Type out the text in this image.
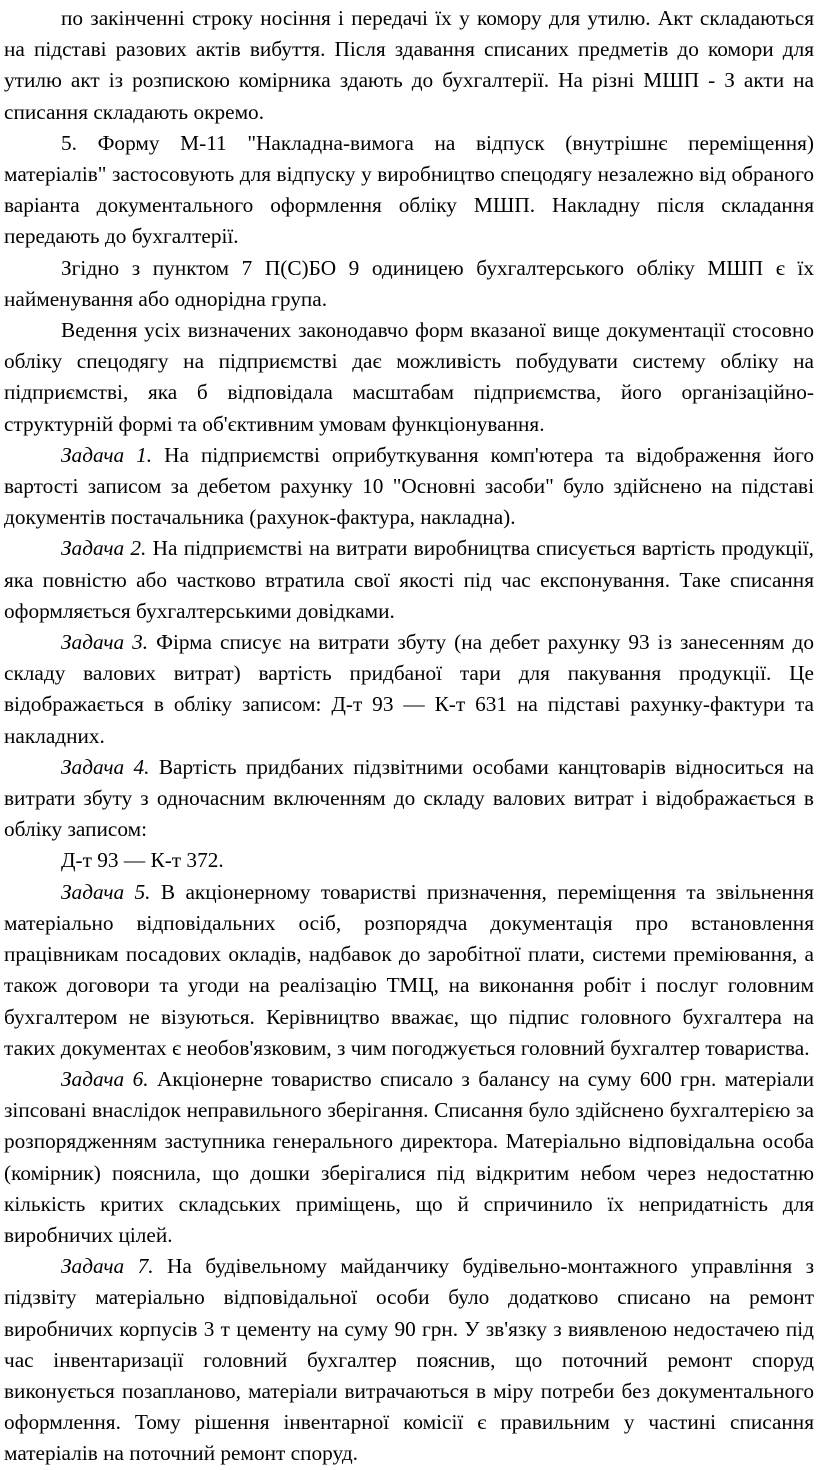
по закінченні строку носіння і передачі їх у комору для утилю. Акт складаються на підставі разових актів вибуття. Після здавання списаних предметів до комори для утилю акт із розпискою комірника здають до бухгалтерії. На різні МШП - З акти на списання складають окремо.

5. Форму М-11 "Накладна-вимога на відпуск (внутрішнє переміщення) матеріалів" застосовують для відпуску у виробництво спецодягу незалежно від обраного варіанта документального оформлення обліку МШП. Накладну після складання передають до бухгалтерії.

Згідно з пунктом 7 П(С)БО 9 одиницею бухгалтерського обліку МШП є їх найменування або однорідна група.

Ведення усіх визначених законодавчо форм вказаної вище документації стосовно обліку спецодягу на підприємстві дає можливість побудувати систему обліку на підприємстві, яка б відповідала масштабам підприємства, його організаційно-структурній формі та об'єктивним умовам функціонування.

Задача 1. На підприємстві оприбуткування комп'ютера та відображення його вартості записом за дебетом рахунку 10 "Основні засоби" було здійснено на підставі документів постачальника (рахунок-фактура, накладна).

Задача 2. На підприємстві на витрати виробництва списується вартість продукції, яка повністю або частково втратила свої якості під час експонування. Таке списання оформляється бухгалтерськими довідками.

Задача 3. Фірма списує на витрати збуту (на дебет рахунку 93 із занесенням до складу валових витрат) вартість придбаної тари для пакування продукції. Це відображається в обліку записом: Д-т 93 — К-т 631 на підставі рахунку-фактури та накладних.

Задача 4. Вартість придбаних підзвітними особами канцтоварів відноситься на витрати збуту з одночасним включенням до складу валових витрат і відображається в обліку записом:

Д-т 93 — К-т 372.

Задача 5. В акціонерному товаристві призначення, переміщення та звільнення матеріально відповідальних осіб, розпорядча документація про встановлення працівникам посадових окладів, надбавок до заробітної плати, системи преміювання, а також договори та угоди на реалізацію ТМЦ, на виконання робіт і послуг головним бухгалтером не візуються. Керівництво вважає, що підпис головного бухгалтера на таких документах є необов'язковим, з чим погоджується головний бухгалтер товариства.

Задача 6. Акціонерне товариство списало з балансу на суму 600 грн. матеріали зіпсовані внаслідок неправильного зберігання. Списання було здійснено бухгалтерією за розпорядженням заступника генерального директора. Матеріально відповідальна особа (комірник) пояснила, що дошки зберігалися під відкритим небом через недостатню кількість критих складських приміщень, що й спричинило їх непридатність для виробничих цілей.

Задача 7. На будівельному майданчику будівельно-монтажного управління з підзвіту матеріально відповідальної особи було додатково списано на ремонт виробничих корпусів 3 т цементу на суму 90 грн. У зв'язку з виявленою недостачею під час інвентаризації головний бухгалтер пояснив, що поточний ремонт споруд виконується позапланово, матеріали витрачаються в міру потреби без документального оформлення. Тому рішення інвентарної комісії є правильним у частині списання матеріалів на поточний ремонт споруд.
